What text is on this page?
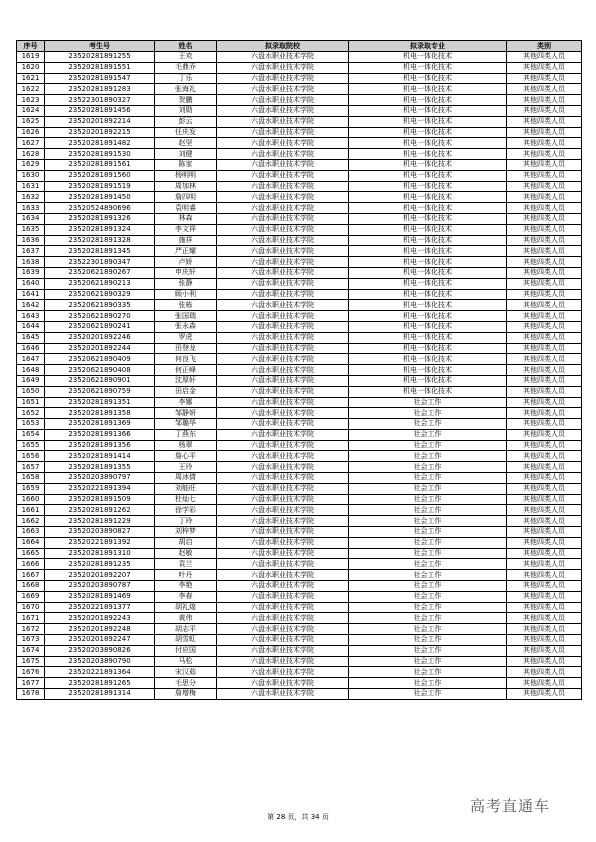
序号	考生号	姓名	拟录取院校	拟录取专业	类别
1619	23520281891255	王欢	六盘水职业技术学院	机电一体化技术	其他四类人员
1620	23520281891551	毛鼎乔	六盘水职业技术学院	机电一体化技术	其他四类人员
1621	23520281891547	丁乐	六盘水职业技术学院	机电一体化技术	其他四类人员
1622	23520281891283	张海礼	六盘水职业技术学院	机电一体化技术	其他四类人员
1623	23522301890327	贺鹏	六盘水职业技术学院	机电一体化技术	其他四类人员
1624	23520281891456	刘勋	六盘水职业技术学院	机电一体化技术	其他四类人员
1625	23520201892214	彭云	六盘水职业技术学院	机电一体化技术	其他四类人员
1626	23520201892215	任庆发	六盘水职业技术学院	机电一体化技术	其他四类人员
1627	23520281891482	赵坚	六盘水职业技术学院	机电一体化技术	其他四类人员
1628	23520281891530	刘健	六盘水职业技术学院	机电一体化技术	其他四类人员
1629	23520281891561	陈家	六盘水职业技术学院	机电一体化技术	其他四类人员
1630	23520281891560	杨明明	六盘水职业技术学院	机电一体化技术	其他四类人员
1631	23520281891519	周加林	六盘水职业技术学院	机电一体化技术	其他四类人员
1632	23520281891450	詹四明	六盘水职业技术学院	机电一体化技术	其他四类人员
1633	23520524890696	袁明睿	六盘水职业技术学院	机电一体化技术	其他四类人员
1634	23520281891326	林森	六盘水职业技术学院	机电一体化技术	其他四类人员
1635	23520281891324	李文祥	六盘水职业技术学院	机电一体化技术	其他四类人员
1636	23520281891328	施祥	六盘水职业技术学院	机电一体化技术	其他四类人员
1637	23520281891345	严正耀	六盘水职业技术学院	机电一体化技术	其他四类人员
1638	23522301890347	卢娇	六盘水职业技术学院	机电一体化技术	其他四类人员
1639	23520621890267	申庆轩	六盘水职业技术学院	机电一体化技术	其他四类人员
1640	23520621890213	张静	六盘水职业技术学院	机电一体化技术	其他四类人员
1641	23520621890329	顾小利	六盘水职业技术学院	机电一体化技术	其他四类人员
1642	23520621890335	张栋	六盘水职业技术学院	机电一体化技术	其他四类人员
1643	23520621890270	张国瑞	六盘水职业技术学院	机电一体化技术	其他四类人员
1644	23520621890241	张永森	六盘水职业技术学院	机电一体化技术	其他四类人员
1645	23520201892246	罗虎	六盘水职业技术学院	机电一体化技术	其他四类人员
1646	23520201892244	田登龙	六盘水职业技术学院	机电一体化技术	其他四类人员
1647	23520621890409	何良飞	六盘水职业技术学院	机电一体化技术	其他四类人员
1648	23520621890408	何正峰	六盘水职业技术学院	机电一体化技术	其他四类人员
1649	23520621890901	沈厚轩	六盘水职业技术学院	机电一体化技术	其他四类人员
1650	23520621890759	田启金	六盘水职业技术学院	机电一体化技术	其他四类人员
1651	23520281891351	李娜	六盘水职业技术学院	社会工作	其他四类人员
1652	23520281891358	邹静妍	六盘水职业技术学院	社会工作	其他四类人员
1653	23520281891369	邹璐华	六盘水职业技术学院	社会工作	其他四类人员
1654	23520281891366	丁燕东	六盘水职业技术学院	社会工作	其他四类人员
1655	23520281891356	杨翠	六盘水职业技术学院	社会工作	其他四类人员
1656	23520281891414	詹心平	六盘水职业技术学院	社会工作	其他四类人员
1657	23520281891355	王玲	六盘水职业技术学院	社会工作	其他四类人员
1658	23520203890797	周冰倩	六盘水职业技术学院	社会工作	其他四类人员
1659	23520221891394	刘能旺	六盘水职业技术学院	社会工作	其他四类人员
1660	23520281891509	杜灿七	六盘水职业技术学院	社会工作	其他四类人员
1661	23520281891262	徐学彩	六盘水职业技术学院	社会工作	其他四类人员
1662	23520281891229	丁玲	六盘水职业技术学院	社会工作	其他四类人员
1663	23520203890827	刘梓梦	六盘水职业技术学院	社会工作	其他四类人员
1664	23520221891392	胡启	六盘水职业技术学院	社会工作	其他四类人员
1665	23520281891310	赵敏	六盘水职业技术学院	社会工作	其他四类人员
1666	23520281891235	袁兰	六盘水职业技术学院	社会工作	其他四类人员
1667	23520201892207	叶丹	六盘水职业技术学院	社会工作	其他四类人员
1668	23520203890787	李艳	六盘水职业技术学院	社会工作	其他四类人员
1669	23520281891469	李春	六盘水职业技术学院	社会工作	其他四类人员
1670	23520221891377	胡礼煌	六盘水职业技术学院	社会工作	其他四类人员
1671	23520201892243	黄伟	六盘水职业技术学院	社会工作	其他四类人员
1672	23520201892248	胡志平	六盘水职业技术学院	社会工作	其他四类人员
1673	23520201892247	胡雪虹	六盘水职业技术学院	社会工作	其他四类人员
1674	23520203890826	付应国	六盘水职业技术学院	社会工作	其他四类人员
1675	23520203890790	马松	六盘水职业技术学院	社会工作	其他四类人员
1676	23520221891364	宋汉茹	六盘水职业技术学院	社会工作	其他四类人员
1677	23520281891265	毛思分	六盘水职业技术学院	社会工作	其他四类人员
1678	23520281891314	詹增梅	六盘水职业技术学院	社会工作	其他四类人员
高考直通车
第 28 页，共 34 页
